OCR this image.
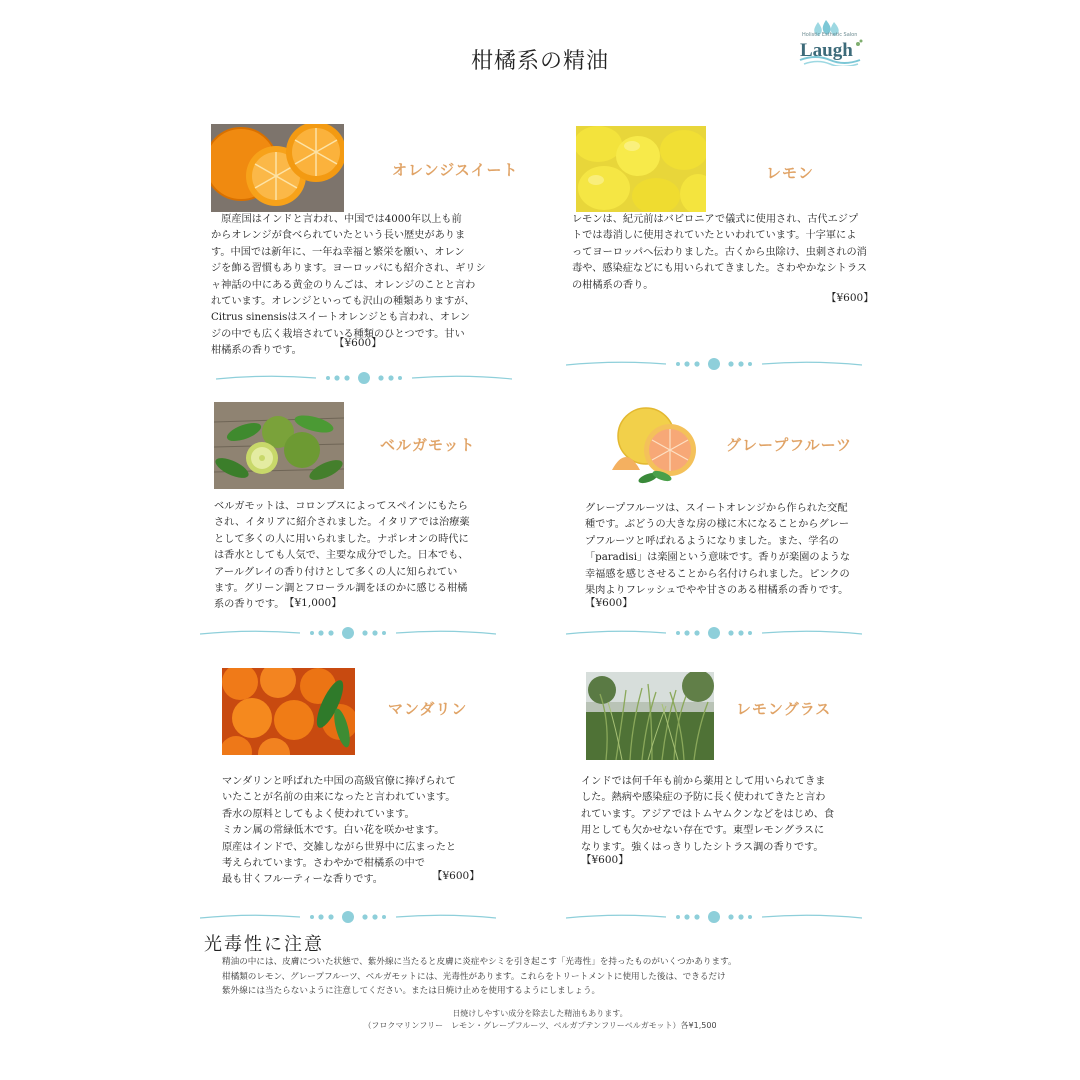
柑橘系の精油
Holistic Esthetic Salon
Laugh
オレンジスイート
　原産国はインドと言われ、中国では4000年以上も前
からオレンジが食べられていたという長い歴史がありま
す。中国では新年に、一年ね幸福と繁栄を願い、オレン
ジを飾る習慣もあります。ヨーロッパにも紹介され、ギリシ
ャ神話の中にある黄金のりんごは、オレンジのことと言わ
れています。オレンジといっても沢山の種類ありますが、
Citrus sinensisはスイートオレンジとも言われ、オレン
ジの中でも広く栽培されている種類のひとつです。甘い
柑橘系の香りです。
【¥600】
レモン
レモンは、紀元前はバビロニアで儀式に使用され、古代エジプ
トでは毒消しに使用されていたといわれています。十字軍によ
ってヨーロッパへ伝わりました。古くから虫除け、虫刺されの消
毒や、感染症などにも用いられてきました。さわやかなシトラス
の柑橘系の香り。
【¥600】
ベルガモット
ベルガモットは、コロンブスによってスペインにもたら
され、イタリアに紹介されました。イタリアでは治療薬
として多くの人に用いられました。ナポレオンの時代に
は香水としても人気で、主要な成分でした。日本でも、
アールグレイの香り付けとして多くの人に知られてい
ます。グリーン調とフローラル調をほのかに感じる柑橘
系の香りです。 【¥1,000】
グレープフルーツ
グレープフルーツは、スイートオレンジから作られた交配
種です。ぶどうの大きな房の様に木になることからグレー
プフルーツと呼ばれるようになりました。また、学名の
「paradisi」は楽園という意味です。香りが楽園のような
幸福感を感じさせることから名付けられました。ピンクの
果肉よりフレッシュでやや甘さのある柑橘系の香りです。
【¥600】
マンダリン
マンダリンと呼ばれた中国の高級官僚に捧げられて
いたことが名前の由来になったと言われています。
香水の原料としてもよく使われています。
ミカン属の常緑低木です。白い花を咲かせます。
原産はインドで、交雑しながら世界中に広まったと
考えられています。さわやかで柑橘系の中で
最も甘くフルーティーな香りです。	【¥600】
レモングラス
インドでは何千年も前から薬用として用いられてきま
した。熱病や感染症の予防に長く使われてきたと言わ
れています。アジアではトムヤムクンなどをはじめ、食
用としても欠かせない存在です。東型レモングラスに
なります。強くはっきりしたシトラス調の香りです。
【¥600】
光毒性に注意
精油の中には、皮膚についた状態で、紫外線に当たると皮膚に炎症やシミを引き起こす「光毒性」を持ったものがいくつかあります。
柑橘類のレモン、グレープフルーツ、ベルガモットには、光毒性があります。これらをトリートメントに使用した後は、できるだけ
紫外線には当たらないように注意してください。または日焼け止めを使用するようにしましょう。
日焼けしやすい成分を除去した精油もあります。
（フロクマリンフリー　レモン・グレープフルーツ、ベルガプテンフリーベルガモット）各¥1,500
